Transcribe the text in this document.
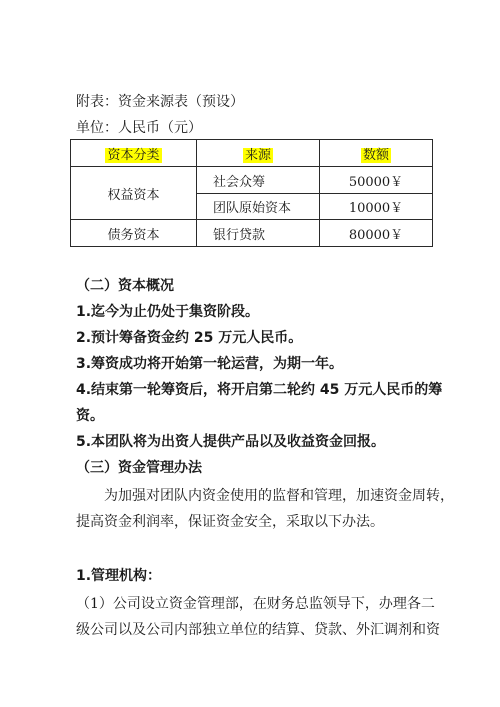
附表：资金来源表（预设）
单位：人民币（元）
资本分类	来源	数额
权益资本	社会众筹	50000￥
	团队原始资本	10000￥
债务资本	银行贷款	80000￥
（二）资本概况
1.迄今为止仍处于集资阶段。
2.预计筹备资金约 25 万元人民币。
3.筹资成功将开始第一轮运营，为期一年。
4.结束第一轮筹资后，将开启第二轮约 45 万元人民币的筹
资。
5.本团队将为出资人提供产品以及收益资金回报。
（三）资金管理办法
为加强对团队内资金使用的监督和管理，加速资金周转，
提高资金利润率，保证资金安全，采取以下办法。
1.管理机构：
（1）公司设立资金管理部，在财务总监领导下，办理各二
级公司以及公司内部独立单位的结算、贷款、外汇调剂和资
